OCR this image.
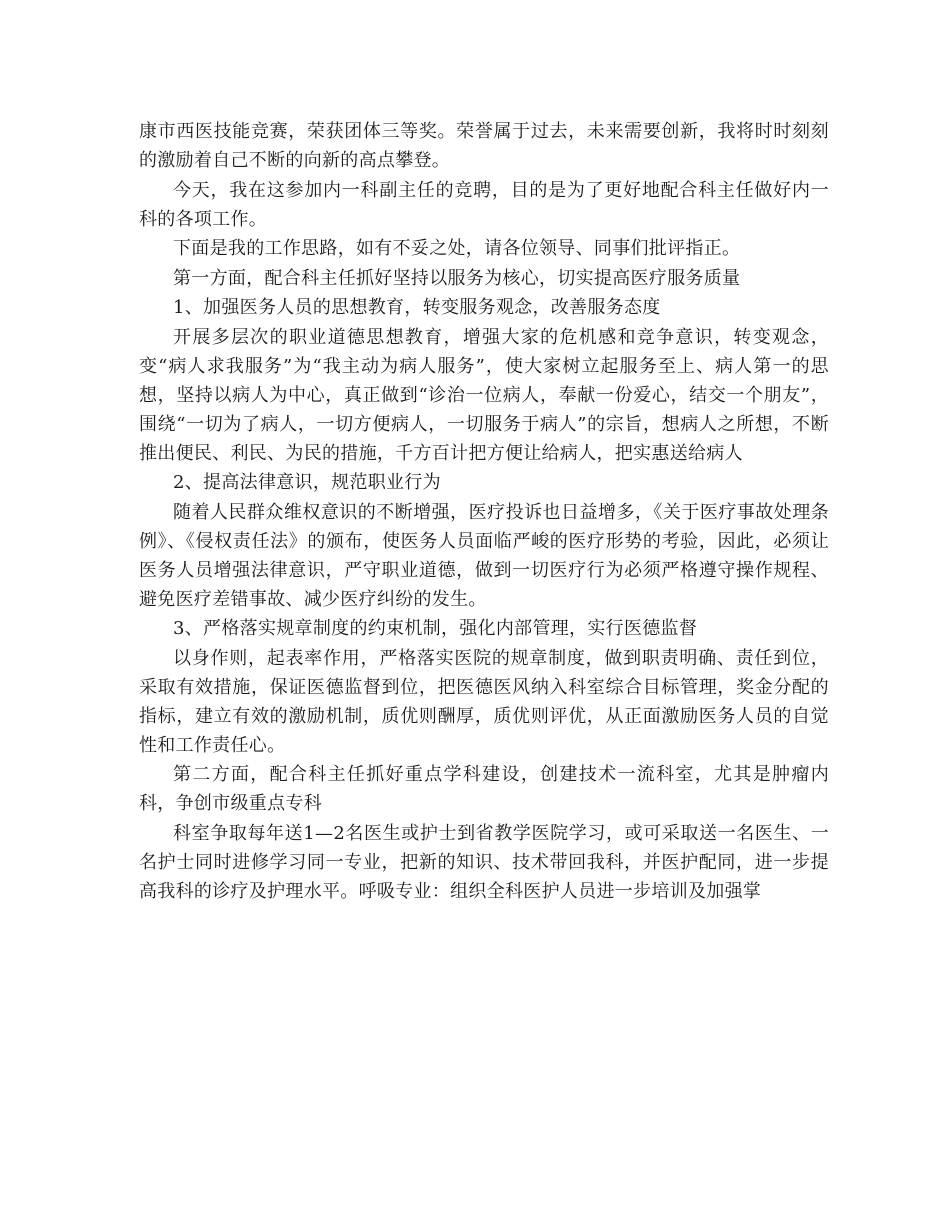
康市西医技能竞赛，荣获团体三等奖。荣誉属于过去，未来需要创新，我将时时刻刻的激励着自己不断的向新的高点攀登。

今天，我在这参加内一科副主任的竞聘，目的是为了更好地配合科主任做好内一科的各项工作。

下面是我的工作思路，如有不妥之处，请各位领导、同事们批评指正。

第一方面，配合科主任抓好坚持以服务为核心，切实提高医疗服务质量

1、加强医务人员的思想教育，转变服务观念，改善服务态度

开展多层次的职业道德思想教育，增强大家的危机感和竞争意识，转变观念，变“病人求我服务”为“我主动为病人服务”，使大家树立起服务至上、病人第一的思想，坚持以病人为中心，真正做到“诊治一位病人，奉献一份爱心，结交一个朋友”，围绕“一切为了病人，一切方便病人，一切服务于病人”的宗旨，想病人之所想，不断推出便民、利民、为民的措施，千方百计把方便让给病人，把实惠送给病人

2、提高法律意识，规范职业行为

随着人民群众维权意识的不断增强，医疗投诉也日益增多，《关于医疗事故处理条例》、《侵权责任法》的颁布，使医务人员面临严峻的医疗形势的考验，因此，必须让医务人员增强法律意识，严守职业道德，做到一切医疗行为必须严格遵守操作规程、避免医疗差错事故、减少医疗纠纷的发生。

3、严格落实规章制度的约束机制，强化内部管理，实行医德监督

以身作则，起表率作用，严格落实医院的规章制度，做到职责明确、责任到位，采取有效措施，保证医德监督到位，把医德医风纳入科室综合目标管理，奖金分配的指标，建立有效的激励机制，质优则酬厚，质优则评优，从正面激励医务人员的自觉性和工作责任心。

第二方面，配合科主任抓好重点学科建设，创建技术一流科室，尤其是肿瘤内科，争创市级重点专科

科室争取每年送1—2名医生或护士到省教学医院学习，或可采取送一名医生、一名护士同时进修学习同一专业，把新的知识、技术带回我科，并医护配同，进一步提高我科的诊疗及护理水平。呼吸专业：组织全科医护人员进一步培训及加强掌
